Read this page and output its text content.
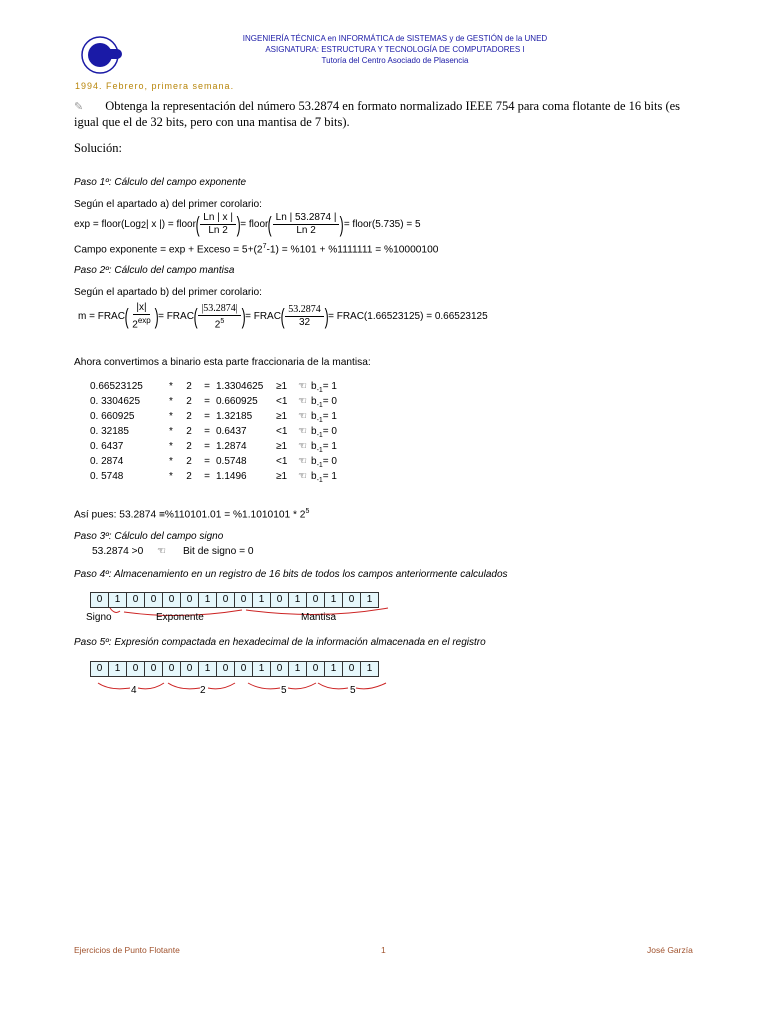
INGENIERÍA TÉCNICA en INFORMÁTICA de SISTEMAS y de GESTIÓN de la UNED
ASIGNATURA: ESTRUCTURA Y TECNOLOGÍA DE COMPUTADORES I
Tutoría del Centro Asociado de Plasencia
1994. Febrero, primera semana.
✎ Obtenga la representación del número 53.2874 en formato normalizado IEEE 754 para coma flotante de 16 bits (es igual que el de 32 bits, pero con una mantisa de 7 bits).
Solución:
Paso 1º: Cálculo del campo exponente
Según el apartado a) del primer corolario:
exp = floor(Log 2 | x |) = floor ( $\frac{Ln | x |}{Ln 2}$ ) = floor ( $\frac{Ln | 53.2874 |}{Ln 2}$ ) = floor(5.735) = 5
Campo exponente = exp + Exceso = $5+(2^7-1) = \%101 + \%1111111 = \%10000100$
Paso 2º: Cálculo del campo mantisa
Según el apartado b) del primer corolario:
m = FRAC ( $\frac{|x|}{2^{exp}}$ ) = FRAC ( $\frac{|53.2874|}{2^5}$ ) = FRAC ( $\frac{53.2874}{32}$ ) = FRAC(1.66523125) = 0.66523125
Ahora convertimos a binario esta parte fraccionaria de la mantisa:
0.66523125	*	2	= 1.3304625	≥1	☜ $b_{-1}= 1$
0. 3304625	*	2	= 0.660925	<1	☜ $b_{-1}= 0$
0. 660925	*	2	= 1.32185	≥1	☜ $b_{-1}= 1$
0. 32185	*	2	= 0.6437	<1	☜ $b_{-1}= 0$
0. 6437	*	2	= 1.2874	≥1	☜ $b_{-1}= 1$
0. 2874	*	2	= 0.5748	<1	☜ $b_{-1}= 0$
0. 5748	*	2	= 1.1496	≥1	☜ $b_{-1}= 1$
Así pues: $53.2874 \equiv\%110101.01 = \%1.1010101 * 2^5$
Paso 3º: Cálculo del campo signo
53.2874 >0	☜	Bit de signo = 0
Paso 4º: Almacenamiento en un registro de 16 bits de todos los campos anteriormente calculados
0	1	0	0	0	0	1	0	0	1	0	1	0	1	0	1
Signo	Exponente	Mantisa
Paso 5º: Expresión compactada en hexadecimal de la información almacenada en el registro
0	1	0	0	0	0	1	0	0	1	0	1	0	1	0	1
4	2	5	5
Ejercicios de Punto Flotante	1	José Garzía
